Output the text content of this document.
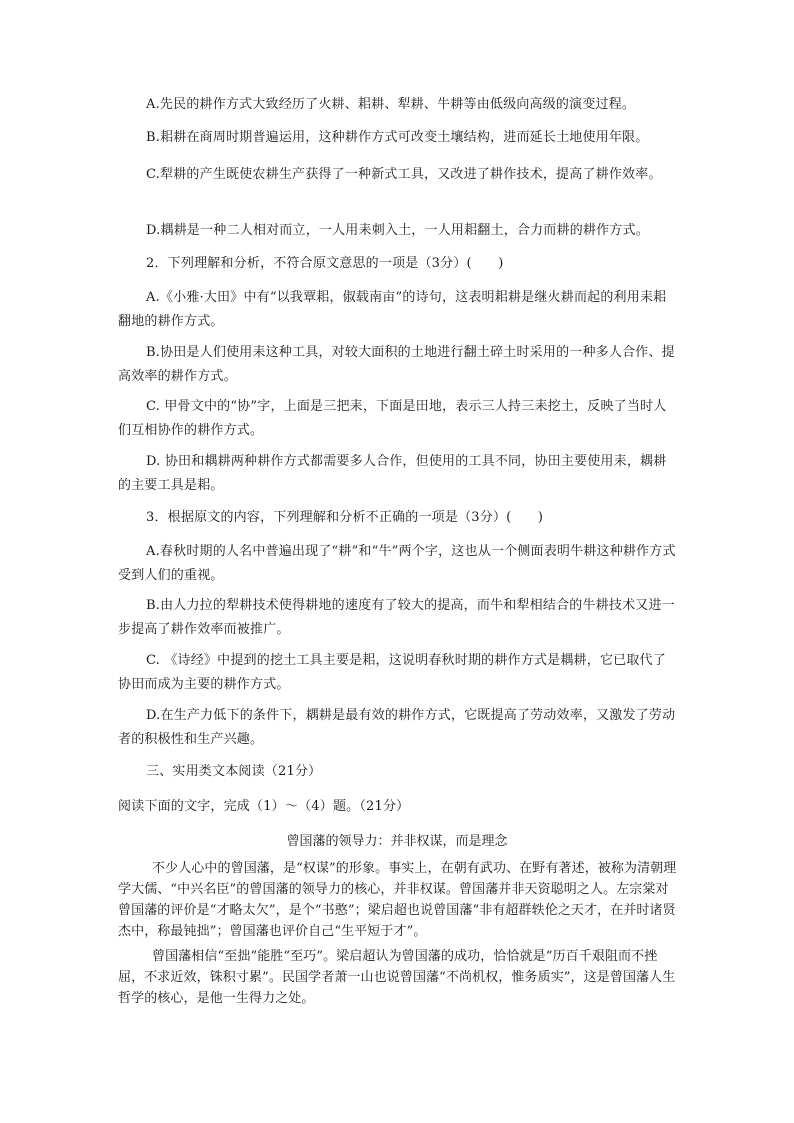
A.先民的耕作方式大致经历了火耕、耜耕、犁耕、牛耕等由低级向高级的演变过程。

B.耜耕在商周时期普遍运用，这种耕作方式可改变土壤结构，进而延长土地使用年限。

C.犁耕的产生既使农耕生产获得了一种新式工具，又改进了耕作技术，提高了耕作效率。

D.耦耕是一种二人相对而立，一人用耒刺入土，一人用耜翻土，合力而耕的耕作方式。

2．下列理解和分析，不符合原文意思的一项是（3分）(　　)

A.《小雅·大田》中有“以我覃耜，俶载南亩”的诗句，这表明耜耕是继火耕而起的利用耒耜翻地的耕作方式。

B.协田是人们使用耒这种工具，对较大面积的土地进行翻土碎土时采用的一种多人合作、提高效率的耕作方式。

C. 甲骨文中的“协”字，上面是三把耒，下面是田地，表示三人持三耒挖土，反映了当时人们互相协作的耕作方式。

D. 协田和耦耕两种耕作方式都需要多人合作，但使用的工具不同，协田主要使用耒，耦耕的主要工具是耜。

3．根据原文的内容，下列理解和分析不正确的一项是（3分）(　　)

A.春秋时期的人名中普遍出现了“耕”和“牛”两个字，这也从一个侧面表明牛耕这种耕作方式受到人们的重视。

B.由人力拉的犁耕技术使得耕地的速度有了较大的提高，而牛和犁相结合的牛耕技术又进一步提高了耕作效率而被推广。

C. 《诗经》中提到的挖土工具主要是耜，这说明春秋时期的耕作方式是耦耕，它已取代了协田而成为主要的耕作方式。

D.在生产力低下的条件下，耦耕是最有效的耕作方式，它既提高了劳动效率，又激发了劳动者的积极性和生产兴趣。

三、实用类文本阅读（21分）

阅读下面的文字，完成（1）～（4）题。（21分）

曾国藩的领导力：并非权谋，而是理念

不少人心中的曾国藩，是“权谋”的形象。事实上，在朝有武功、在野有著述，被称为清朝理学大儒、“中兴名臣”的曾国藩的领导力的核心，并非权谋。曾国藩并非天资聪明之人。左宗棠对曾国藩的评价是“才略太欠”，是个“书憨”；梁启超也说曾国藩“非有超群轶伦之天才，在并时诸贤杰中，称最钝拙”；曾国藩也评价自己“生平短于才”。

曾国藩相信“至拙”能胜“至巧”。梁启超认为曾国藩的成功，恰恰就是“历百千艰阻而不挫屈，不求近效，铢积寸累”。民国学者萧一山也说曾国藩“不尚机权，惟务质实”，这是曾国藩人生哲学的核心，是他一生得力之处。
